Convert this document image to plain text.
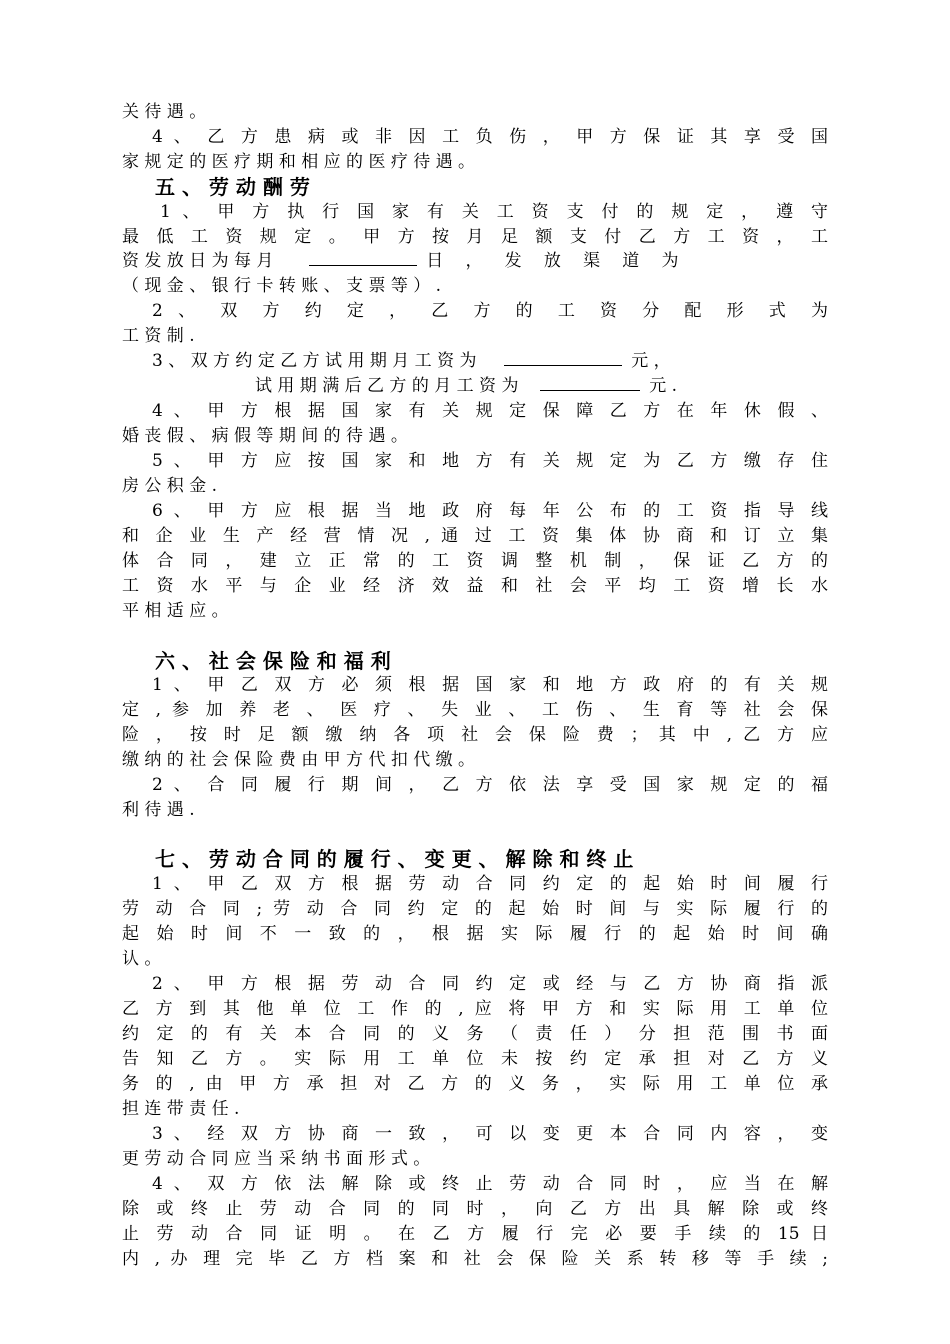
关 待 遇 。
4 、 乙 方 患 病 或 非 因 工 负 伤 ， 甲 方 保 证 其 享 受 国
家 规 定 的 医 疗 期 和 相 应 的 医 疗 待 遇 。
五 、 劳 动 酬 劳
1 、 甲 方 执 行 国 家 有 关 工 资 支 付 的 规 定 ， 遵 守
最 低 工 资 规 定 。 甲 方 按 月 足 额 支 付 乙 方 工 资 ， 工
资 发 放 日 为 每 月	日 ， 发 放 渠 道 为
（ 现 金 、 银 行 卡 转 账 、 支 票 等 ） .
2 、 双 方 约 定 ， 乙 方 的 工 资 分 配 形 式 为
工 资 制 .
3 、 双 方 约 定 乙 方 试 用 期 月 工 资 为	元 ，
试 用 期 满 后 乙 方 的 月 工 资 为	元 .
4 、 甲 方 根 据 国 家 有 关 规 定 保 障 乙 方 在 年 休 假 、
婚 丧 假 、 病 假 等 期 间 的 待 遇 。
5 、 甲 方 应 按 国 家 和 地 方 有 关 规 定 为 乙 方 缴 存 住
房 公 积 金 .
6 、 甲 方 应 根 据 当 地 政 府 每 年 公 布 的 工 资 指 导 线
和 企 业 生 产 经 营 情 况 , 通 过 工 资 集 体 协 商 和 订 立 集
体 合 同 ， 建 立 正 常 的 工 资 调 整 机 制 ， 保 证 乙 方 的
工 资 水 平 与 企 业 经 济 效 益 和 社 会 平 均 工 资 增 长 水
平 相 适 应 。
六 、 社 会 保 险 和 福 利
1 、 甲 乙 双 方 必 须 根 据 国 家 和 地 方 政 府 的 有 关 规
定 , 参 加 养 老 、 医 疗 、 失 业 、 工 伤 、 生 育 等 社 会 保
险 ， 按 时 足 额 缴 纳 各 项 社 会 保 险 费 ； 其 中 , 乙 方 应
缴 纳 的 社 会 保 险 费 由 甲 方 代 扣 代 缴 。
2 、 合 同 履 行 期 间 ， 乙 方 依 法 享 受 国 家 规 定 的 福
利 待 遇 .
七 、 劳 动 合 同 的 履 行 、 变 更 、 解 除 和 终 止
1 、 甲 乙 双 方 根 据 劳 动 合 同 约 定 的 起 始 时 间 履 行
劳 动 合 同 ; 劳 动 合 同 约 定 的 起 始 时 间 与 实 际 履 行 的
起 始 时 间 不 一 致 的 ， 根 据 实 际 履 行 的 起 始 时 间 确
认 。
2 、 甲 方 根 据 劳 动 合 同 约 定 或 经 与 乙 方 协 商 指 派
乙 方 到 其 他 单 位 工 作 的 , 应 将 甲 方 和 实 际 用 工 单 位
约 定 的 有 关 本 合 同 的 义 务 （ 责 任 ） 分 担 范 围 书 面
告 知 乙 方 。 实 际 用 工 单 位 未 按 约 定 承 担 对 乙 方 义
务 的 , 由 甲 方 承 担 对 乙 方 的 义 务 ， 实 际 用 工 单 位 承
担 连 带 责 任 .
3 、 经 双 方 协 商 一 致 ， 可 以 变 更 本 合 同 内 容 ， 变
更 劳 动 合 同 应 当 采 纳 书 面 形 式 。
4 、 双 方 依 法 解 除 或 终 止 劳 动 合 同 时 ， 应 当 在 解
除 或 终 止 劳 动 合 同 的 同 时 ， 向 乙 方 出 具 解 除 或 终
止 劳 动 合 同 证 明 。 在 乙 方 履 行 完 必 要 手 续 的 15 日
内 , 办 理 完 毕 乙 方 档 案 和 社 会 保 险 关 系 转 移 等 手 续 ;
